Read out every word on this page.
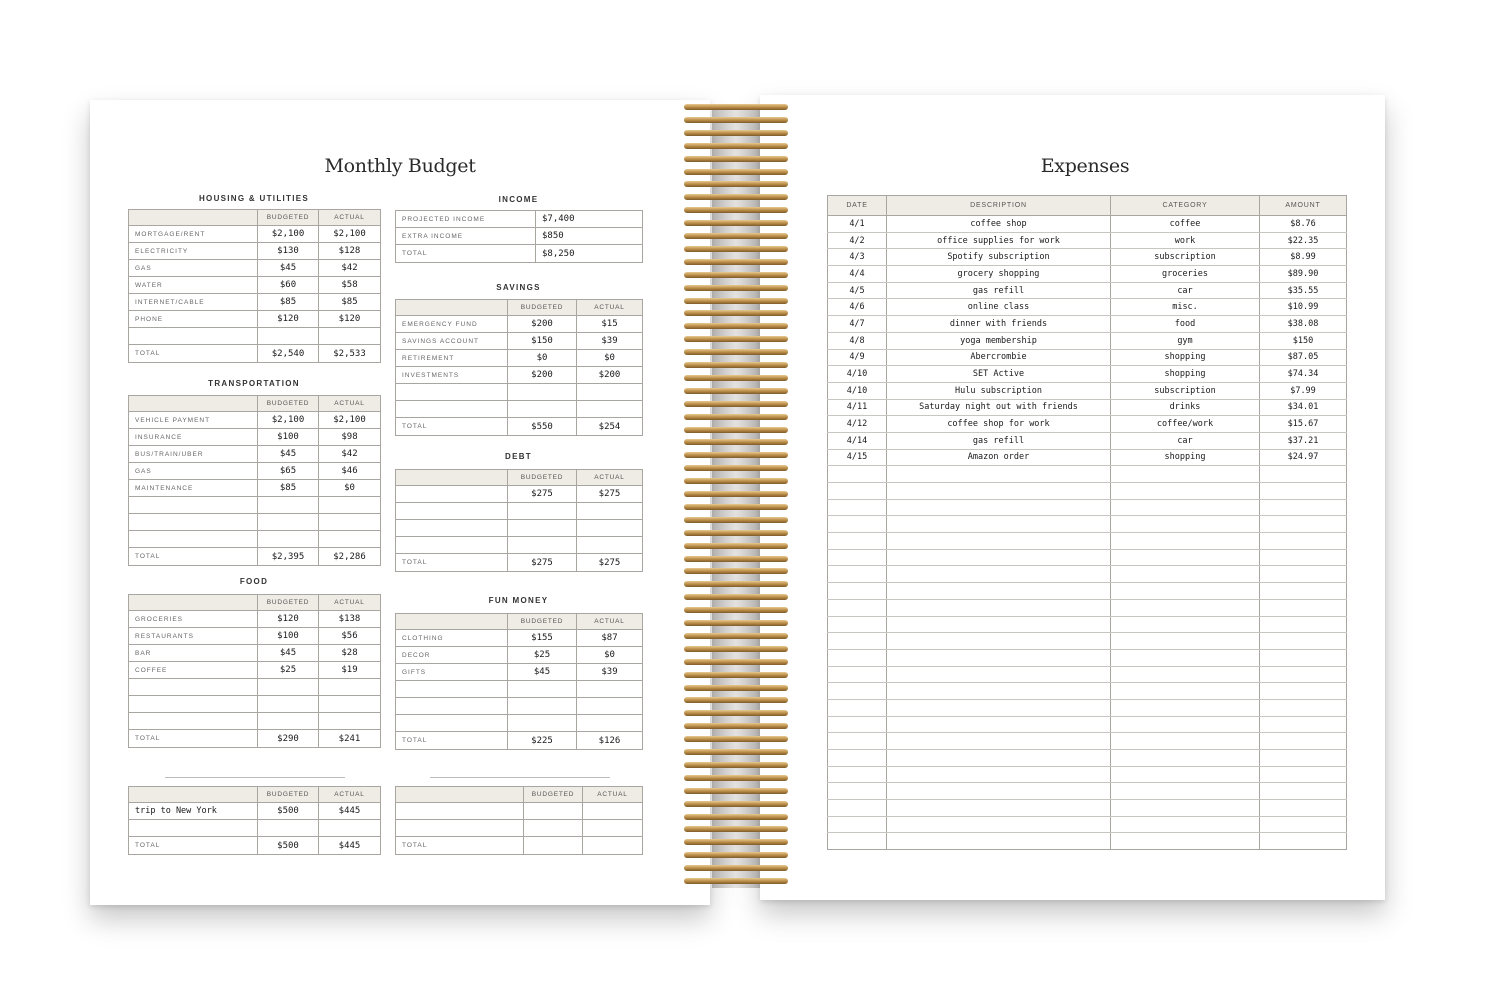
Monthly Budget
HOUSING & UTILITIES
	BUDGETED	ACTUAL
MORTGAGE/RENT	$2,100	$2,100
ELECTRICITY	$130	$128
GAS	$45	$42
WATER	$60	$58
INTERNET/CABLE	$85	$85
PHONE	$120	$120

TOTAL	$2,540	$2,533
TRANSPORTATION
	BUDGETED	ACTUAL
VEHICLE PAYMENT	$2,100	$2,100
INSURANCE	$100	$98
BUS/TRAIN/UBER	$45	$42
GAS	$65	$46
MAINTENANCE	$85	$0

TOTAL	$2,395	$2,286
FOOD
	BUDGETED	ACTUAL
GROCERIES	$120	$138
RESTAURANTS	$100	$56
BAR	$45	$28
COFFEE	$25	$19

TOTAL	$290	$241
	BUDGETED	ACTUAL
trip to New York	$500	$445

TOTAL	$500	$445
INCOME
PROJECTED INCOME	$7,400
EXTRA INCOME	$850
TOTAL	$8,250
SAVINGS
	BUDGETED	ACTUAL
EMERGENCY FUND	$200	$15
SAVINGS ACCOUNT	$150	$39
RETIREMENT	$0	$0
INVESTMENTS	$200	$200

TOTAL	$550	$254
DEBT
	BUDGETED	ACTUAL
	$275	$275

TOTAL	$275	$275
FUN MONEY
	BUDGETED	ACTUAL
CLOTHING	$155	$87
DECOR	$25	$0
GIFTS	$45	$39

TOTAL	$225	$126
	BUDGETED	ACTUAL

TOTAL		
Expenses
DATE	DESCRIPTION	CATEGORY	AMOUNT
4/1	coffee shop	coffee	$8.76
4/2	office supplies for work	work	$22.35
4/3	Spotify subscription	subscription	$8.99
4/4	grocery shopping	groceries	$89.90
4/5	gas refill	car	$35.55
4/6	online class	misc.	$10.99
4/7	dinner with friends	food	$38.08
4/8	yoga membership	gym	$150
4/9	Abercrombie	shopping	$87.05
4/10	SET Active	shopping	$74.34
4/10	Hulu subscription	subscription	$7.99
4/11	Saturday night out with friends	drinks	$34.01
4/12	coffee shop for work	coffee/work	$15.67
4/14	gas refill	car	$37.21
4/15	Amazon order	shopping	$24.97
